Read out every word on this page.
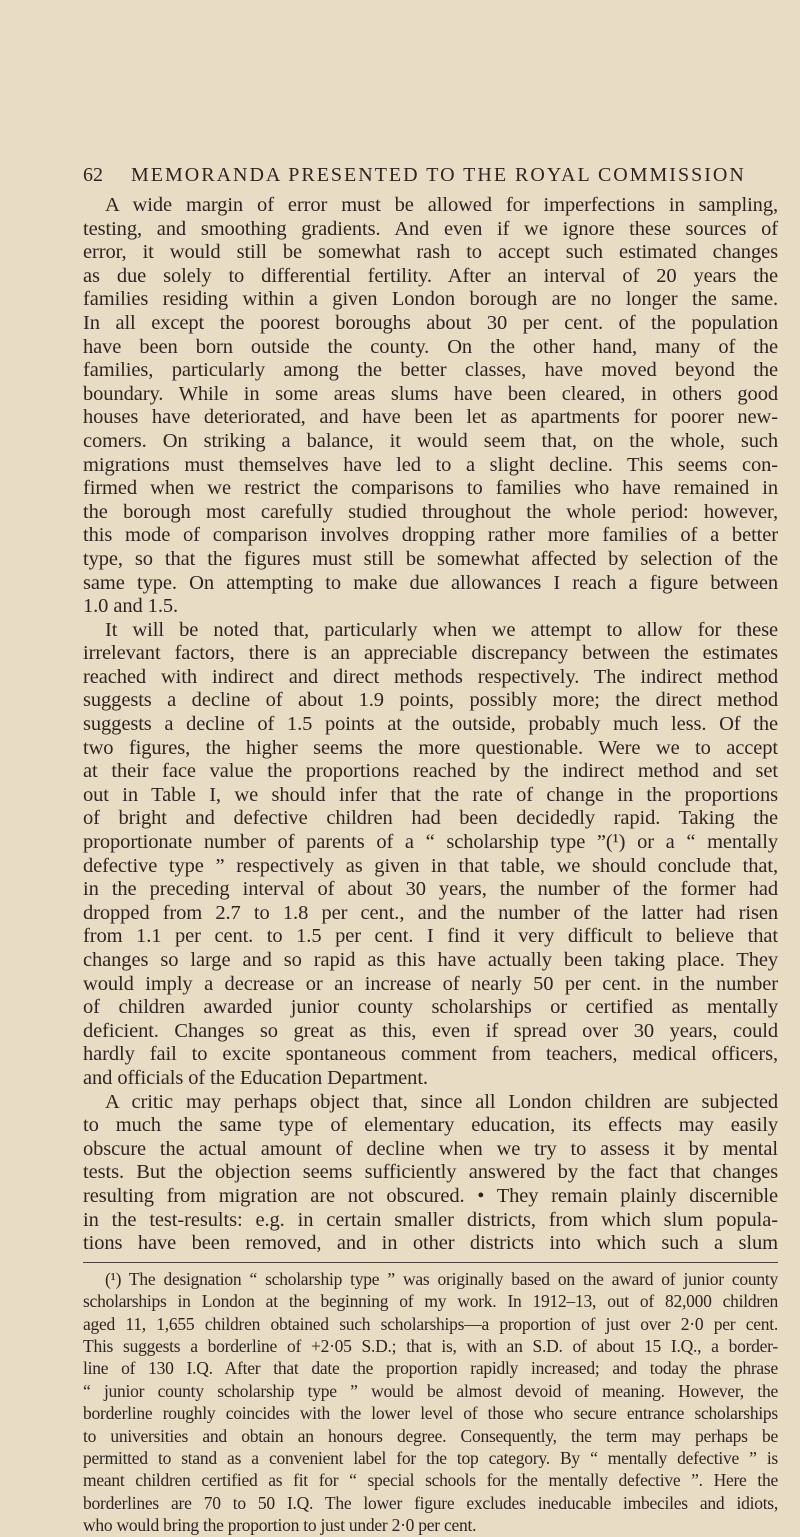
62 MEMORANDA PRESENTED TO THE ROYAL COMMISSION
A wide margin of error must be allowed for imperfections in sampling,
testing, and smoothing gradients. And even if we ignore these sources of
error, it would still be somewhat rash to accept such estimated changes
as due solely to differential fertility. After an interval of 20 years the
families residing within a given London borough are no longer the same.
In all except the poorest boroughs about 30 per cent. of the population
have been born outside the county. On the other hand, many of the
families, particularly among the better classes, have moved beyond the
boundary. While in some areas slums have been cleared, in others good
houses have deteriorated, and have been let as apartments for poorer new-
comers. On striking a balance, it would seem that, on the whole, such
migrations must themselves have led to a slight decline. This seems con-
firmed when we restrict the comparisons to families who have remained in
the borough most carefully studied throughout the whole period: however,
this mode of comparison involves dropping rather more families of a better
type, so that the figures must still be somewhat affected by selection of the
same type. On attempting to make due allowances I reach a figure between
1.0 and 1.5.
It will be noted that, particularly when we attempt to allow for these
irrelevant factors, there is an appreciable discrepancy between the estimates
reached with indirect and direct methods respectively. The indirect method
suggests a decline of about 1.9 points, possibly more; the direct method
suggests a decline of 1.5 points at the outside, probably much less. Of the
two figures, the higher seems the more questionable. Were we to accept
at their face value the proportions reached by the indirect method and set
out in Table I, we should infer that the rate of change in the proportions
of bright and defective children had been decidedly rapid. Taking the
proportionate number of parents of a “ scholarship type ”(¹) or a “ mentally
defective type ” respectively as given in that table, we should conclude that,
in the preceding interval of about 30 years, the number of the former had
dropped from 2.7 to 1.8 per cent., and the number of the latter had risen
from 1.1 per cent. to 1.5 per cent. I find it very difficult to believe that
changes so large and so rapid as this have actually been taking place. They
would imply a decrease or an increase of nearly 50 per cent. in the number
of children awarded junior county scholarships or certified as mentally
deficient. Changes so great as this, even if spread over 30 years, could
hardly fail to excite spontaneous comment from teachers, medical officers,
and officials of the Education Department.
A critic may perhaps object that, since all London children are subjected
to much the same type of elementary education, its effects may easily
obscure the actual amount of decline when we try to assess it by mental
tests. But the objection seems sufficiently answered by the fact that changes
resulting from migration are not obscured. • They remain plainly discernible
in the test-results: e.g. in certain smaller districts, from which slum popula-
tions have been removed, and in other districts into which such a slum
(¹) The designation “ scholarship type ” was originally based on the award of junior county
scholarships in London at the beginning of my work. In 1912–13, out of 82,000 children
aged 11, 1,655 children obtained such scholarships—a proportion of just over 2·0 per cent.
This suggests a borderline of +2·05 S.D.; that is, with an S.D. of about 15 I.Q., a border-
line of 130 I.Q. After that date the proportion rapidly increased; and today the phrase
“ junior county scholarship type ” would be almost devoid of meaning. However, the
borderline roughly coincides with the lower level of those who secure entrance scholarships
to universities and obtain an honours degree. Consequently, the term may perhaps be
permitted to stand as a convenient label for the top category. By “ mentally defective ” is
meant children certified as fit for “ special schools for the mentally defective ”. Here the
borderlines are 70 to 50 I.Q. The lower figure excludes ineducable imbeciles and idiots,
who would bring the proportion to just under 2·0 per cent.
